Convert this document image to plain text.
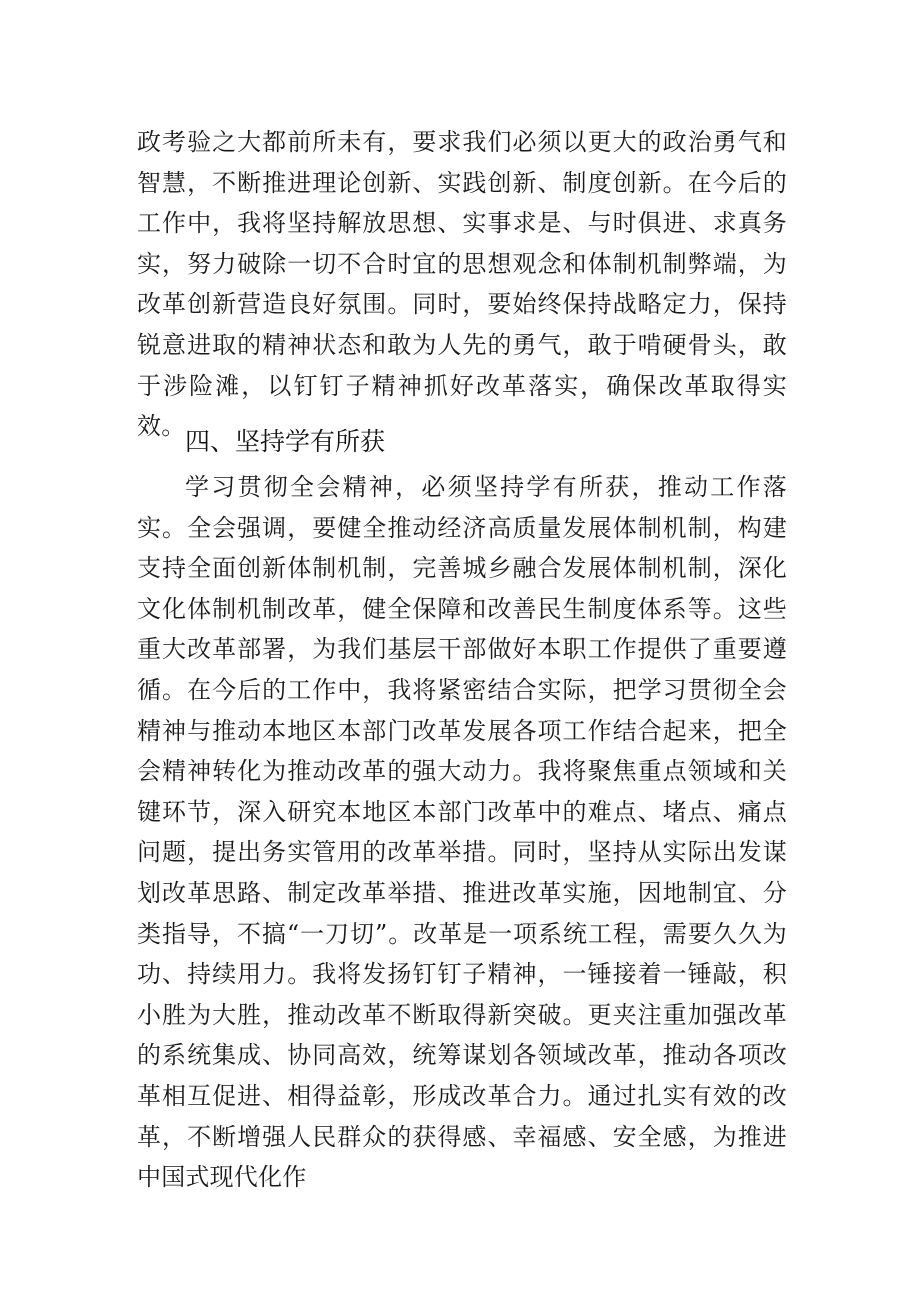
政考验之大都前所未有，要求我们必须以更大的政治勇气和智慧，不断推进理论创新、实践创新、制度创新。在今后的工作中，我将坚持解放思想、实事求是、与时俱进、求真务实，努力破除一切不合时宜的思想观念和体制机制弊端，为改革创新营造良好氛围。同时，要始终保持战略定力，保持锐意进取的精神状态和敢为人先的勇气，敢于啃硬骨头，敢于涉险滩，以钉钉子精神抓好改革落实，确保改革取得实效。

四、坚持学有所获

学习贯彻全会精神，必须坚持学有所获，推动工作落实。全会强调，要健全推动经济高质量发展体制机制，构建支持全面创新体制机制，完善城乡融合发展体制机制，深化文化体制机制改革，健全保障和改善民生制度体系等。这些重大改革部署，为我们基层干部做好本职工作提供了重要遵循。在今后的工作中，我将紧密结合实际，把学习贯彻全会精神与推动本地区本部门改革发展各项工作结合起来，把全会精神转化为推动改革的强大动力。我将聚焦重点领域和关键环节，深入研究本地区本部门改革中的难点、堵点、痛点问题，提出务实管用的改革举措。同时，坚持从实际出发谋划改革思路、制定改革举措、推进改革实施，因地制宜、分类指导，不搞“一刀切”。改革是一项系统工程，需要久久为功、持续用力。我将发扬钉钉子精神，一锤接着一锤敲，积小胜为大胜，推动改革不断取得新突破。更夹注重加强改革的系统集成、协同高效，统筹谋划各领域改革，推动各项改革相互促进、相得益彰，形成改革合力。通过扎实有效的改革，不断增强人民群众的获得感、幸福感、安全感，为推进中国式现代化作
